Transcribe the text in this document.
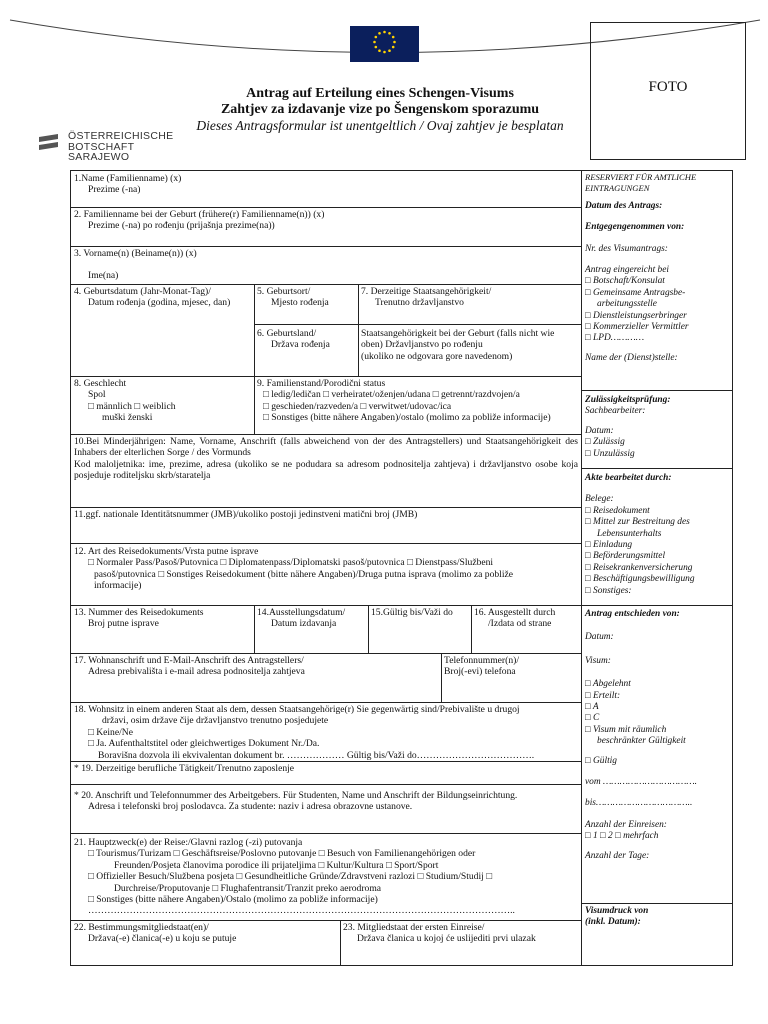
FOTO
Antrag auf Erteilung eines Schengen-Visums
Zahtjev za izdavanje vize po Šengenskom sporazumu
Dieses Antragsformular ist unentgeltlich / Ovaj zahtjev je besplatan
ÖSTERREICHISCHE
BOTSCHAFT
SARAJEWO
1.Name (Familienname) (x)
Prezime (-na)
2. Familienname bei der Geburt (frühere(r) Familienname(n)) (x)
Prezime (-na) po rođenju (prijašnja prezime(na))
3. Vorname(n) (Beiname(n)) (x)
Ime(na)
4. Geburtsdatum (Jahr-Monat-Tag)/
Datum rođenja (godina, mjesec, dan)
5. Geburtsort/
Mjesto rođenja
6. Geburtsland/
Država rođenja
7. Derzeitige Staatsangehörigkeit/
Trenutno državljanstvo
Staatsangehörigkeit bei der Geburt (falls nicht wie
oben) Državljanstvo po rođenju
(ukoliko ne odgovara gore navedenom)
8. Geschlecht
Spol
□ männlich □ weiblich
muški ženski
9. Familienstand/Porodični status
□ ledig/ledičan □ verheiratet/oženjen/udana □ getrennt/razdvojen/a
□ geschieden/razveden/a □ verwitwet/udovac/ica
□ Sonstiges (bitte nähere Angaben)/ostalo (molimo za pobliže informacije)
10.Bei Minderjährigen: Name, Vorname, Anschrift (falls abweichend von der des Antragstellers) und Staatsangehörigkeit des Inhabers der elterlichen Sorge / des Vormunds
Kod maloljetnika: ime, prezime, adresa (ukoliko se ne podudara sa adresom podnositelja zahtjeva) i državljanstvo osobe koja posjeduje roditeljsku skrb/staratelja
11.ggf. nationale Identitätsnummer (JMB)/ukoliko postoji jedinstveni matični broj (JMB)
12. Art des Reisedokuments/Vrsta putne isprave
□ Normaler Pass/Pasoš/Putovnica □ Diplomatenpass/Diplomatski pasoš/putovnica □ Dienstpass/Službeni
pasoš/putovnica □ Sonstiges Reisedokument (bitte nähere Angaben)/Druga putna isprava (molimo za pobliže
informacije)
13. Nummer des Reisedokuments
Broj putne isprave
14.Ausstellungsdatum/
Datum izdavanja
15.Gültig bis/Važi do	16. Ausgestellt durch
/Izdata od strane
17. Wohnanschrift und E-Mail-Anschrift des Antragstellers/
Adresa prebivališta i e-mail adresa podnositelja zahtjeva
Telefonnummer(n)/
Broj(-evi) telefona
18. Wohnsitz in einem anderen Staat als dem, dessen Staatsangehörige(r) Sie gegenwärtig sind/Prebivalište u drugoj
državi, osim države čije državljanstvo trenutno posjedujete
□ Keine/Ne
□ Ja. Aufenthaltstitel oder gleichwertiges Dokument Nr./Da.
Boravišna dozvola ili ekvivalentan dokument br. ……………… Gültig bis/Važi do……………………………….
* 19. Derzeitige berufliche Tätigkeit/Trenutno zaposlenje
* 20. Anschrift und Telefonnummer des Arbeitgebers. Für Studenten, Name und Anschrift der Bildungseinrichtung.
Adresa i telefonski broj poslodavca. Za studente: naziv i adresa obrazovne ustanove.
21. Hauptzweck(e) der Reise:/Glavni razlog (-zi) putovanja
□ Tourismus/Turizam □ Geschäftsreise/Poslovno putovanje □ Besuch von Familienangehörigen oder
Freunden/Posjeta članovima porodice ili prijateljima □ Kultur/Kultura □ Sport/Sport
□ Offizieller Besuch/Službena posjeta □ Gesundheitliche Gründe/Zdravstveni razlozi □ Studium/Studij □
Durchreise/Proputovanje □ Flughafentransit/Tranzit preko aerodroma
□ Sonstiges (bitte nähere Angaben)/Ostalo (molimo za pobliže informacije)
……………………………………………………………………………………………………………………..
22. Bestimmungsmitgliedstaat(en)/
Država(-e) članica(-e) u koju se putuje
23. Mitgliedstaat der ersten Einreise/
Država članica u kojoj će uslijediti prvi ulazak
RESERVIERT FÜR AMTLICHE
EINTRAGUNGEN
Datum des Antrags:
Entgegengenommen von:
Nr. des Visumantrags:
Antrag eingereicht bei
□ Botschaft/Konsulat
□ Gemeinsame Antragsbe-
arbeitungsstelle
□ Dienstleistungserbringer
□ Kommerzieller Vermittler
□ LPD…………
Name der (Dienst)stelle:
Zulässigkeitsprüfung:
Sachbearbeiter:
Datum:
□ Zulässig
□ Unzulässig
Akte bearbeitet durch:
Belege:
□ Reisedokument
□ Mittel zur Bestreitung des
Lebensunterhalts
□ Einladung
□ Beförderungsmittel
□ Reisekrankenversicherung
□ Beschäftigungsbewilligung
□ Sonstiges:
Antrag entschieden von:
Datum:
Visum:
□ Abgelehnt
□ Erteilt:
□ A
□ C
□ Visum mit räumlich
beschränkter Gültigkeit
□ Gültig
vom …………………………….
bis……………………………..
Anzahl der Einreisen:
□ 1 □ 2 □ mehrfach
Anzahl der Tage:
Visumdruck von
(inkl. Datum):
